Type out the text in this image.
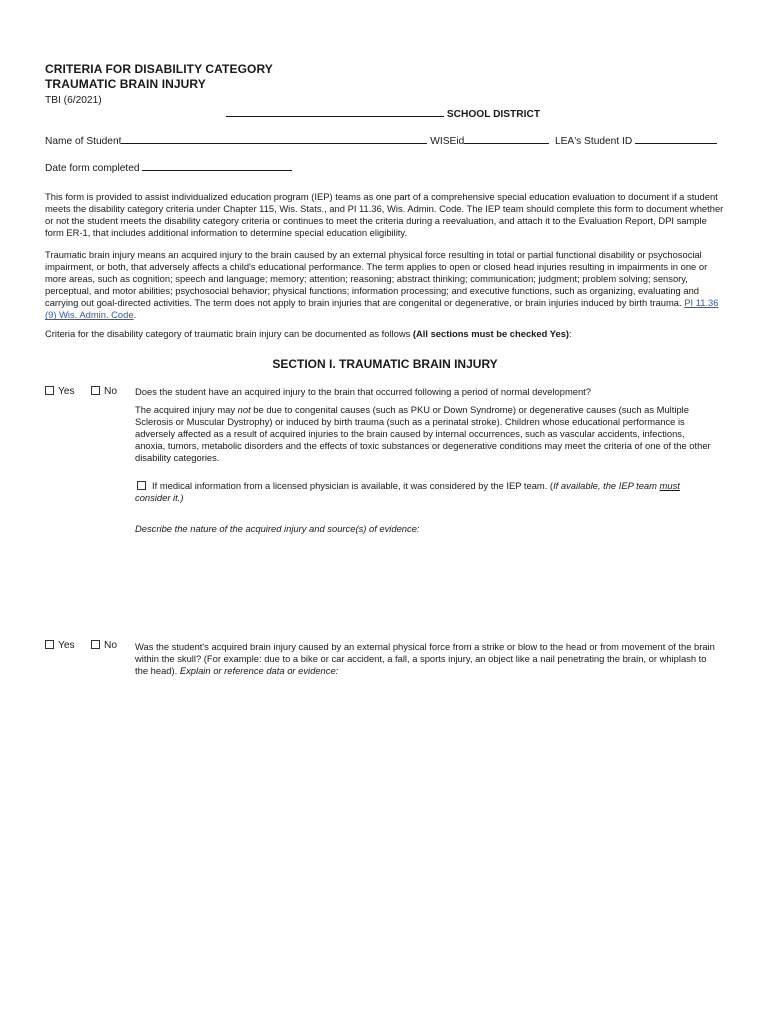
CRITERIA FOR DISABILITY CATEGORY
TRAUMATIC BRAIN INJURY
TBI (6/2021)
SCHOOL DISTRICT
Name of Student	WISEid	LEA's Student ID
Date form completed
This form is provided to assist individualized education program (IEP) teams as one part of a comprehensive special education evaluation to document if a student meets the disability category criteria under Chapter 115, Wis. Stats., and PI 11.36, Wis. Admin. Code. The IEP team should complete this form to document whether or not the student meets the disability category criteria or continues to meet the criteria during a reevaluation, and attach it to the Evaluation Report, DPI sample form ER-1, that includes additional information to determine special education eligibility.
Traumatic brain injury means an acquired injury to the brain caused by an external physical force resulting in total or partial functional disability or psychosocial impairment, or both, that adversely affects a child's educational performance. The term applies to open or closed head injuries resulting in impairments in one or more areas, such as cognition; speech and language; memory; attention; reasoning; abstract thinking; communication; judgment; problem solving; sensory, perceptual, and motor abilities; psychosocial behavior; physical functions; information processing; and executive functions, such as organizing, evaluating and carrying out goal-directed activities. The term does not apply to brain injuries that are congenital or degenerative, or brain injuries induced by birth trauma. PI 11.36 (9) Wis. Admin. Code.
Criteria for the disability category of traumatic brain injury can be documented as follows (All sections must be checked Yes):
SECTION I. TRAUMATIC BRAIN INJURY
Yes	No Does the student have an acquired injury to the brain that occurred following a period of normal development?
The acquired injury may not be due to congenital causes (such as PKU or Down Syndrome) or degenerative causes (such as Multiple Sclerosis or Muscular Dystrophy) or induced by birth trauma (such as a perinatal stroke). Children whose educational performance is adversely affected as a result of acquired injuries to the brain caused by internal occurrences, such as vascular accidents, infections, anoxia, tumors, metabolic disorders and the effects of toxic substances or degenerative conditions may meet the criteria of one of the other disability categories.
If medical information from a licensed physician is available, it was considered by the IEP team. (If available, the IEP team must
consider it.)
Describe the nature of the acquired injury and source(s) of evidence:
Yes	No Was the student's acquired brain injury caused by an external physical force from a strike or blow to the head or from movement of the brain within the skull? (For example: due to a bike or car accident, a fall, a sports injury, an object like a nail penetrating the brain, or whiplash to the head). Explain or reference data or evidence:
